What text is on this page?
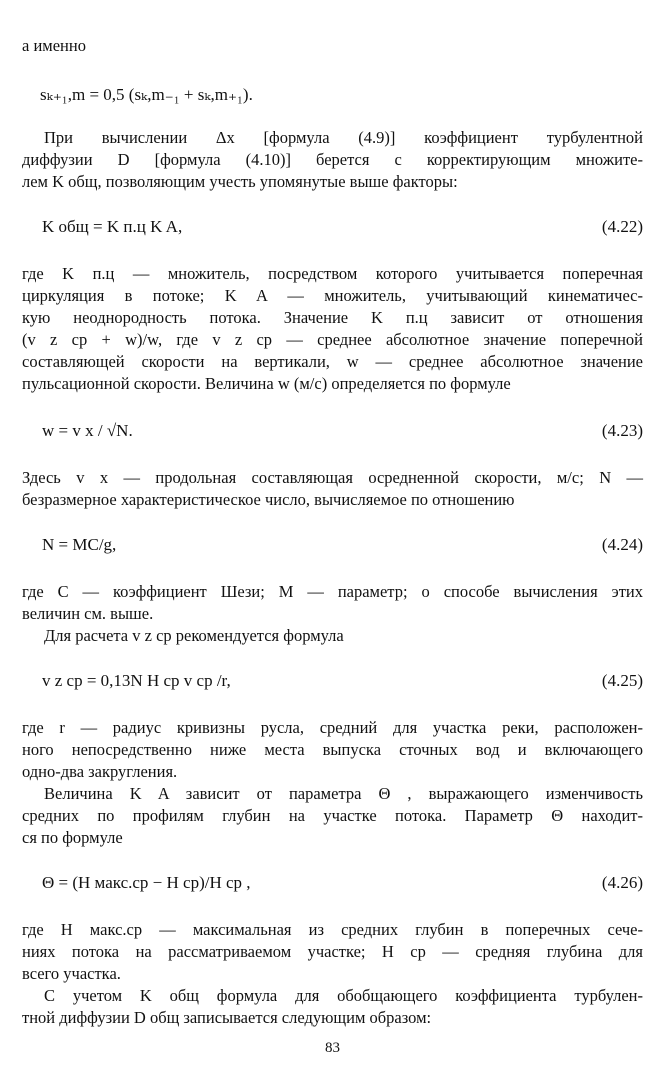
а именно
sₖ₊₁,m = 0,5 (sₖ,m₋₁ + sₖ,m₊₁).
При вычислении Δx [формула (4.9)] коэффициент турбулентной
диффузии D [формула (4.10)] берется с корректирующим множите-
лем K общ, позволяющим учесть упомянутые выше факторы:
K общ = K п.ц K A,	(4.22)
где K п.ц — множитель, посредством которого учитывается поперечная
циркуляция в потоке; K A — множитель, учитывающий кинематичес-
кую неоднородность потока. Значение K п.ц зависит от отношения
(v z ср + w)/w, где v z ср — среднее абсолютное значение поперечной
составляющей скорости на вертикали, w — среднее абсолютное значение
пульсационной скорости. Величина w (м/с) определяется по формуле
w = v x / √N.	(4.23)
Здесь v x — продольная составляющая осредненной скорости, м/с; N —
безразмерное характеристическое число, вычисляемое по отношению
N = MC/g,	(4.24)
где C — коэффициент Шези; M — параметр; о способе вычисления этих
величин см. выше.
Для расчета v z ср рекомендуется формула
v z ср = 0,13N H ср v ср /r,	(4.25)
где r — радиус кривизны русла, средний для участка реки, расположен-
ного непосредственно ниже места выпуска сточных вод и включающего
одно-два закругления.
Величина K A зависит от параметра Θ , выражающего изменчивость
средних по профилям глубин на участке потока. Параметр Θ находит-
ся по формуле
Θ = (H макс.ср − H ср)/H ср ,	(4.26)
где H макс.ср — максимальная из средних глубин в поперечных сече-
ниях потока на рассматриваемом участке; H ср — средняя глубина для
всего участка.
С учетом K общ формула для обобщающего коэффициента турбулен-
тной диффузии D общ записывается следующим образом:
83
